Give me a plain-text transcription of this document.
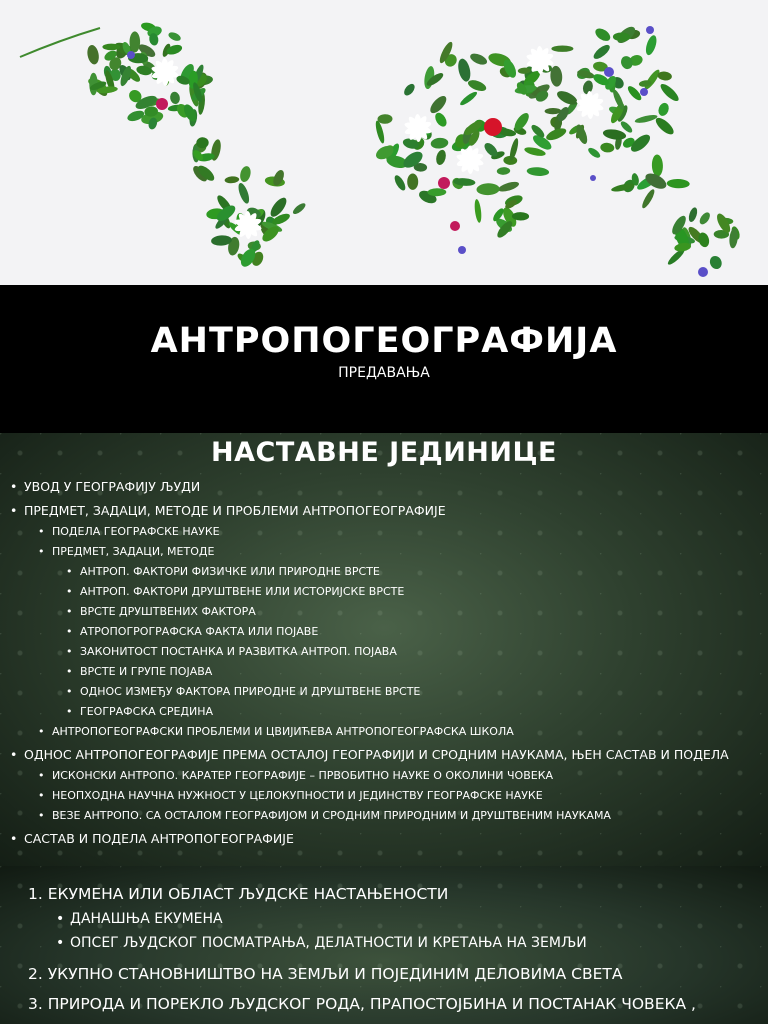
АНТРОПОГЕОГРАФИЈА
ПРЕДАВАЊА
НАСТАВНЕ ЈЕДИНИЦЕ
• УВОД У ГЕОГРАФИЈУ ЉУДИ
• ПРЕДМЕТ, ЗАДАЦИ, МЕТОДЕ И ПРОБЛЕМИ АНТРОПОГЕОГРАФИЈЕ
• ПОДЕЛА ГЕОГРАФСКЕ НАУКЕ
• ПРЕДМЕТ, ЗАДАЦИ, МЕТОДЕ
• АНТРОП. ФАКТОРИ ФИЗИЧКЕ ИЛИ ПРИРОДНЕ ВРСТЕ
• АНТРОП. ФАКТОРИ ДРУШТВЕНЕ ИЛИ ИСТОРИЈСКЕ ВРСТЕ
• ВРСТЕ ДРУШТВЕНИХ ФАКТОРА
• АТРОПОГРОГРАФСКА ФАКТА ИЛИ ПОЈАВЕ
• ЗАКОНИТОСТ ПОСТАНКА И РАЗВИТКА АНТРОП. ПОЈАВА
• ВРСТЕ И ГРУПЕ ПОЈАВА
• ОДНОС ИЗМЕЂУ ФАКТОРА ПРИРОДНЕ И ДРУШТВЕНЕ ВРСТЕ
• ГЕОГРАФСКА СРЕДИНА
• АНТРОПОГЕОГРАФСКИ ПРОБЛЕМИ И ЦВИЈИЋЕВА АНТРОПОГЕОГРАФСКА ШКОЛА
• ОДНОС АНТРОПОГЕОГРАФИЈЕ ПРЕМА ОСТАЛОЈ ГЕОГРАФИЈИ И СРОДНИМ НАУКАМА, ЊЕН САСТАВ И ПОДЕЛА
• ИСКОНСКИ АНТРОПО. КАРАТЕР ГЕОГРАФИЈЕ – ПРВОБИТНО НАУКЕ О ОКОЛИНИ ЧОВЕКА
• НЕОПХОДНА НАУЧНА НУЖНОСТ У ЦЕЛОКУПНОСТИ И ЈЕДИНСТВУ ГЕОГРАФСКЕ НАУКЕ
• ВЕЗЕ АНТРОПО. СА ОСТАЛОМ ГЕОГРАФИЈОМ И СРОДНИМ ПРИРОДНИМ И ДРУШТВЕНИМ НАУКАМА
• САСТАВ И ПОДЕЛА АНТРОПОГЕОГРАФИЈЕ
1. ЕКУМЕНА ИЛИ ОБЛАСТ ЉУДСКЕ НАСТАЊЕНОСТИ
• ДАНАШЊА ЕКУМЕНА
• ОПСЕГ ЉУДСКОГ ПОСМАТРАЊА, ДЕЛАТНОСТИ И КРЕТАЊА НА ЗЕМЉИ
2. УКУПНО СТАНОВНИШТВО НА ЗЕМЉИ И ПОЈЕДИНИМ ДЕЛОВИМА СВЕТА
3. ПРИРОДА И ПОРЕКЛО ЉУДСКОГ РОДА, ПРАПОСТОЈБИНА И ПОСТАНАК ЧОВЕКА ,
